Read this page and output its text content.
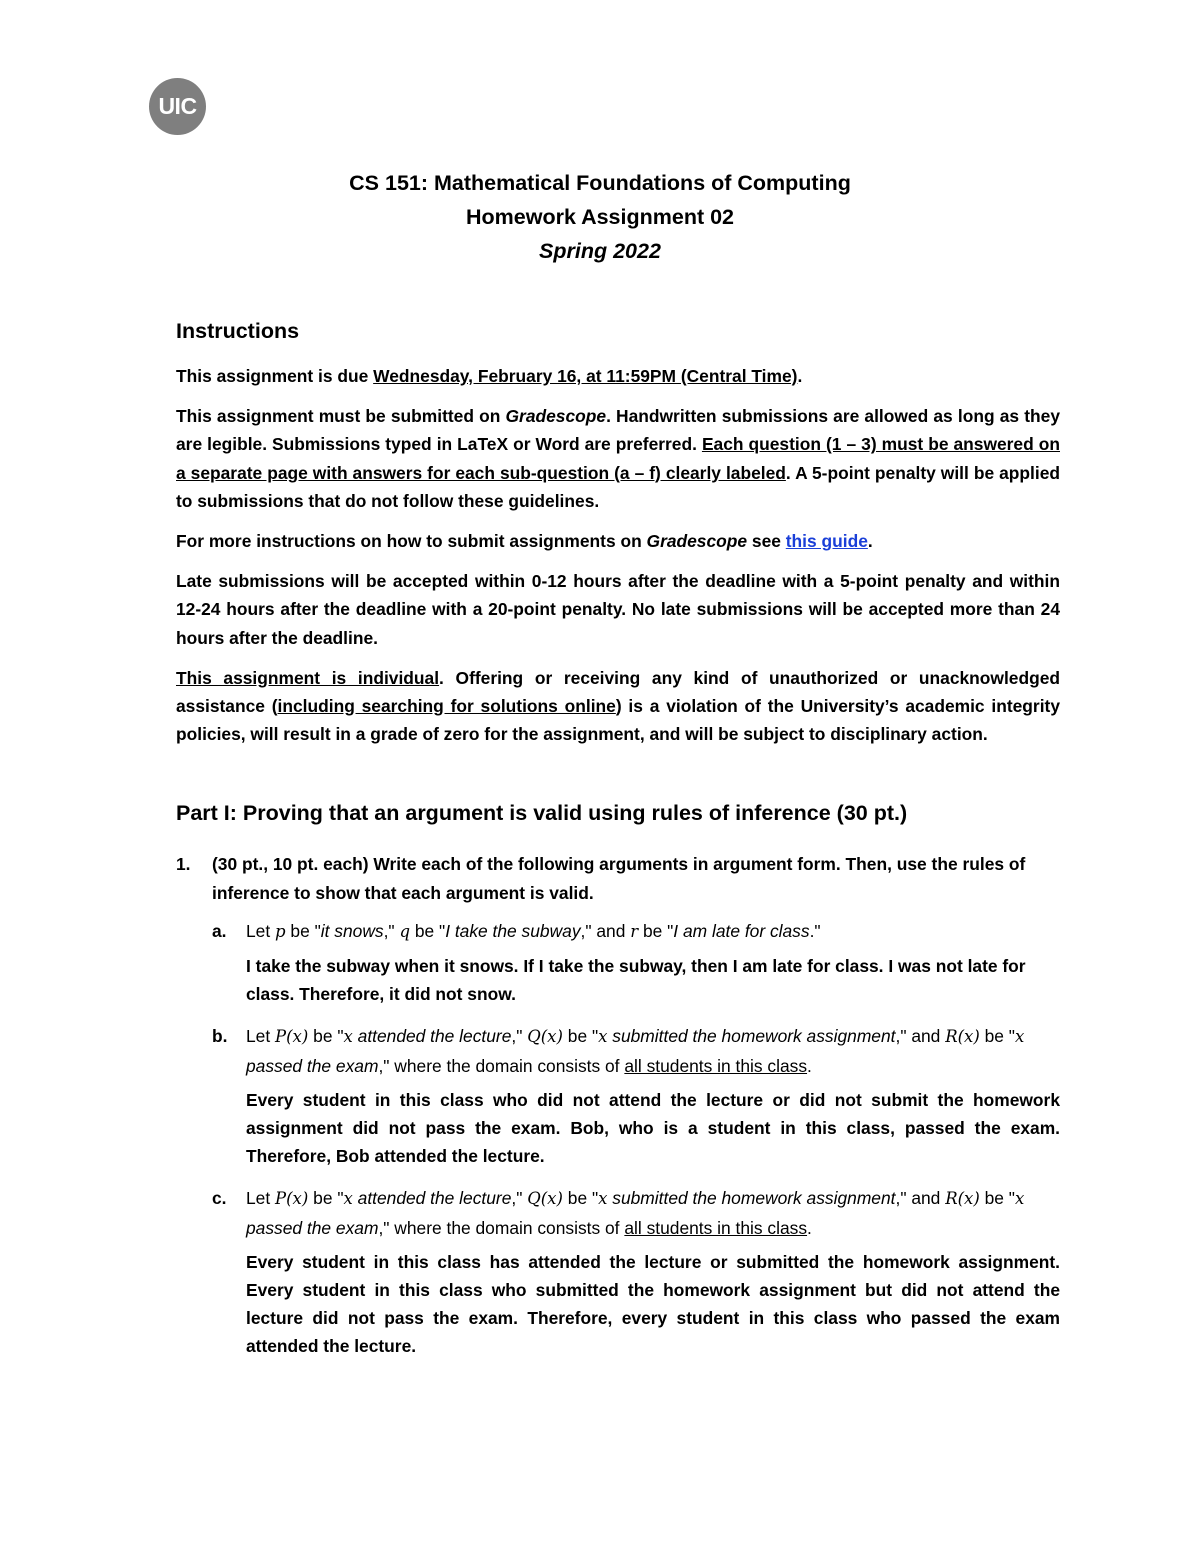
UIC
CS 151: Mathematical Foundations of Computing
Homework Assignment 02
Spring 2022
Instructions

This assignment is due Wednesday, February 16, at 11:59PM (Central Time).

This assignment must be submitted on Gradescope. Handwritten submissions are allowed as long as they are legible. Submissions typed in LaTeX or Word are preferred. Each question (1 – 3) must be answered on a separate page with answers for each sub-question (a – f) clearly labeled. A 5-point penalty will be applied to submissions that do not follow these guidelines.

For more instructions on how to submit assignments on Gradescope see this guide.

Late submissions will be accepted within 0-12 hours after the deadline with a 5-point penalty and within 12-24 hours after the deadline with a 20-point penalty. No late submissions will be accepted more than 24 hours after the deadline.

This assignment is individual. Offering or receiving any kind of unauthorized or unacknowledged assistance (including searching for solutions online) is a violation of the University’s academic integrity policies, will result in a grade of zero for the assignment, and will be subject to disciplinary action.

Part I: Proving that an argument is valid using rules of inference (30 pt.)
1.	(30 pt., 10 pt. each) Write each of the following arguments in argument form. Then, use the rules of inference to show that each argument is valid.

a.	Let p be "it snows," q be "I take the subway," and r be "I am late for class."

I take the subway when it snows. If I take the subway, then I am late for class. I was not late for class. Therefore, it did not snow.

b.	Let P(x) be "x attended the lecture," Q(x) be "x submitted the homework assignment," and R(x) be "x passed the exam," where the domain consists of all students in this class.

Every student in this class who did not attend the lecture or did not submit the homework assignment did not pass the exam. Bob, who is a student in this class, passed the exam. Therefore, Bob attended the lecture.

c.	Let P(x) be "x attended the lecture," Q(x) be "x submitted the homework assignment," and R(x) be "x passed the exam," where the domain consists of all students in this class.

Every student in this class has attended the lecture or submitted the homework assignment. Every student in this class who submitted the homework assignment but did not attend the lecture did not pass the exam. Therefore, every student in this class who passed the exam attended the lecture.
